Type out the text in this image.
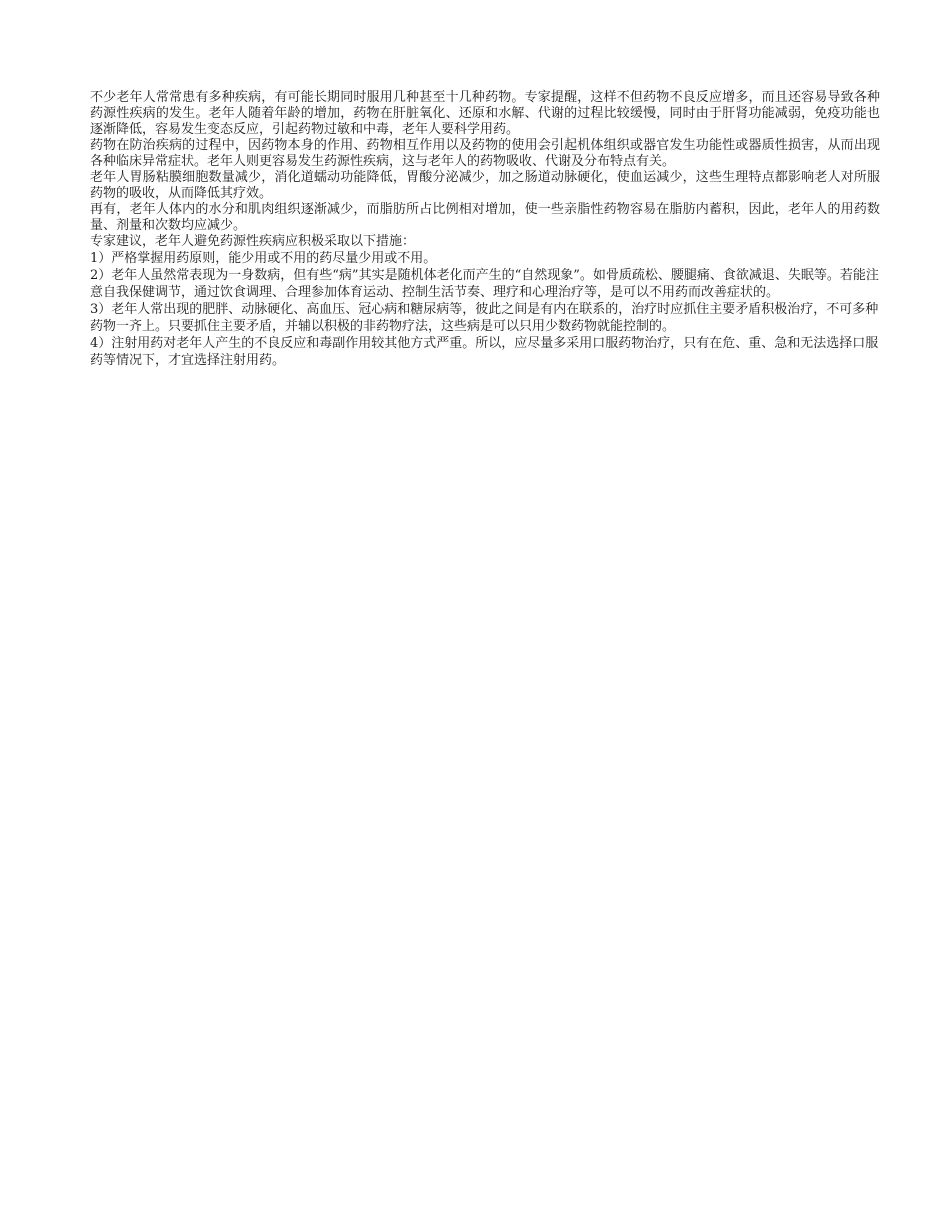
不少老年人常常患有多种疾病，有可能长期同时服用几种甚至十几种药物。专家提醒，这样不但药物不良反应增多，而且还容易导致各种药源性疾病的发生。老年人随着年龄的增加，药物在肝脏氧化、还原和水解、代谢的过程比较缓慢，同时由于肝肾功能减弱，免疫功能也逐渐降低，容易发生变态反应，引起药物过敏和中毒，老年人要科学用药。

药物在防治疾病的过程中，因药物本身的作用、药物相互作用以及药物的使用会引起机体组织或器官发生功能性或器质性损害，从而出现各种临床异常症状。老年人则更容易发生药源性疾病，这与老年人的药物吸收、代谢及分布特点有关。

老年人胃肠粘膜细胞数量减少，消化道蠕动功能降低，胃酸分泌减少，加之肠道动脉硬化，使血运减少，这些生理特点都影响老人对所服药物的吸收，从而降低其疗效。

再有，老年人体内的水分和肌肉组织逐渐减少，而脂肪所占比例相对增加，使一些亲脂性药物容易在脂肪内蓄积，因此，老年人的用药数量、剂量和次数均应减少。

专家建议，老年人避免药源性疾病应积极采取以下措施：

1）严格掌握用药原则，能少用或不用的药尽量少用或不用。

2）老年人虽然常表现为一身数病，但有些“病”其实是随机体老化而产生的“自然现象”。如骨质疏松、腰腿痛、食欲减退、失眠等。若能注意自我保健调节，通过饮食调理、合理参加体育运动、控制生活节奏、理疗和心理治疗等，是可以不用药而改善症状的。

3）老年人常出现的肥胖、动脉硬化、高血压、冠心病和糖尿病等，彼此之间是有内在联系的，治疗时应抓住主要矛盾积极治疗，不可多种药物一齐上。只要抓住主要矛盾，并辅以积极的非药物疗法，这些病是可以只用少数药物就能控制的。

4）注射用药对老年人产生的不良反应和毒副作用较其他方式严重。所以，应尽量多采用口服药物治疗，只有在危、重、急和无法选择口服药等情况下，才宜选择注射用药。
